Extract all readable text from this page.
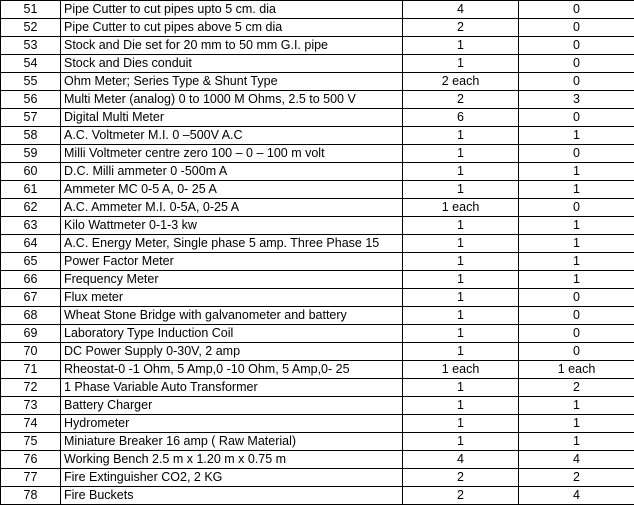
51	Pipe Cutter to cut pipes upto 5 cm. dia	4	0
52	Pipe Cutter to cut pipes above 5 cm dia	2	0
53	Stock and Die set for 20 mm to 50 mm G.I. pipe	1	0
54	Stock and Dies conduit	1	0
55	Ohm Meter; Series Type & Shunt Type	2 each	0
56	Multi Meter (analog) 0 to 1000 M Ohms, 2.5 to 500 V	2	3
57	Digital Multi Meter	6	0
58	A.C. Voltmeter M.I. 0 –500V A.C	1	1
59	Milli Voltmeter centre zero 100 – 0 – 100 m volt	1	0
60	D.C. Milli ammeter 0 -500m A	1	1
61	Ammeter MC 0-5 A, 0- 25 A	1	1
62	A.C. Ammeter M.I. 0-5A, 0-25 A	1 each	0
63	Kilo Wattmeter 0-1-3 kw	1	1
64	A.C. Energy Meter, Single phase 5 amp. Three Phase 15	1	1
65	Power Factor Meter	1	1
66	Frequency Meter	1	1
67	Flux meter	1	0
68	Wheat Stone Bridge with galvanometer and battery	1	0
69	Laboratory Type Induction Coil	1	0
70	DC Power Supply 0-30V, 2 amp	1	0
71	Rheostat-0 -1 Ohm, 5 Amp,0 -10 Ohm, 5 Amp,0- 25	1 each	1 each
72	1 Phase Variable Auto Transformer	1	2
73	Battery Charger	1	1
74	Hydrometer	1	1
75	Miniature Breaker 16 amp ( Raw Material)	1	1
76	Working Bench 2.5 m x 1.20 m x 0.75 m	4	4
77	Fire Extinguisher CO2, 2 KG	2	2
78	Fire Buckets	2	4
